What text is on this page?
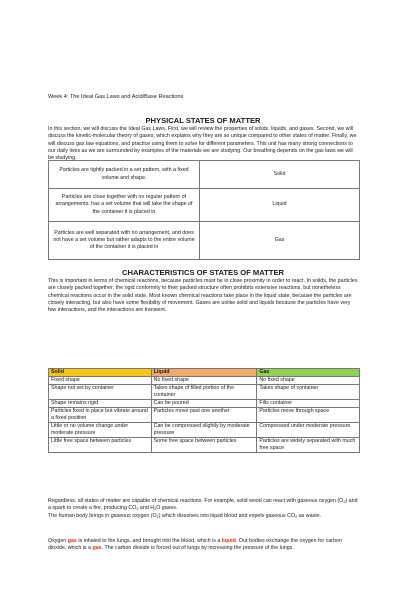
Week 4: The Ideal Gas Laws and Acid/Base Reactions
PHYSICAL STATES OF MATTER

In this section, we will discuss the Ideal Gas Laws. First, we will review the properties of solids, liquids, and gases. Second, we will discuss the kinetic-molecular theory of gases, which explains why they are so unique compared to other states of matter. Finally, we will discuss gas law equations, and practice using them to solve for different parameters. This unit has many strong connections to our daily lives as we are surrounded by examples of the materials we are studying. Our breathing depends on the gas laws we will be studying.

Particles are tightly packed in a set pattern, with a fixed volume and shape.	Solid
Particles are close together with no regular pattern of arrangements; has a set volume that will take the shape of the container it is placed in	Liquid
Particles are well separated with no arrangement, and does not have a set volume but rather adapts to the entire volume of the container it is placed in	Gas
CHARACTERISTICS OF STATES OF MATTER

This is important in terms of chemical reactions, because particles must be in close proximity in order to react. In solids, the particles are closely packed together; the rigid conformity to their packed structure often prohibits extensive reactions, but nonetheless chemical reactions occur in the solid state. Most known chemical reactions take place in the liquid state, because the particles are closely interacting, but also have some flexibility of movement. Gases are unlike solid and liquids because the particles have very few interactions, and the interactions are transient.

Solid	Liquid	Gas
Fixed shape	No fixed shape	No fixed shape
Shape not set by container	Takes shape of filled portion of the container	Takes shape of container
Shape remains rigid	Can be poured	Fills container
Particles fixed in place but vibrate around a fixed position	Particles move past one another	Particles move through space
Little or no volume change under moderate pressure	Can be compressed slightly by moderate pressure	Compressed under moderate pressure
Little free space between particles	Some free space between particles	Particles are widely separated with much free space

Regardless, all states of matter are capable of chemical reactions. For example, solid wood can react with gaseous oxygen $(O_2)$ and a spark to create a fire, producing $CO_2$ and $H_2O$ gases.

The human body brings in gaseous oxygen $(O_2)$ which dissolves into liquid blood and expels gaseous $CO_2$ as waste.

Oxygen gas is inhaled to the lungs, and brought into the blood, which is a liquid. Our bodies exchange the oxygen for carbon dioxide, which is a gas. The carbon dioxide is forced out of lungs by increasing the pressure of the lungs.
